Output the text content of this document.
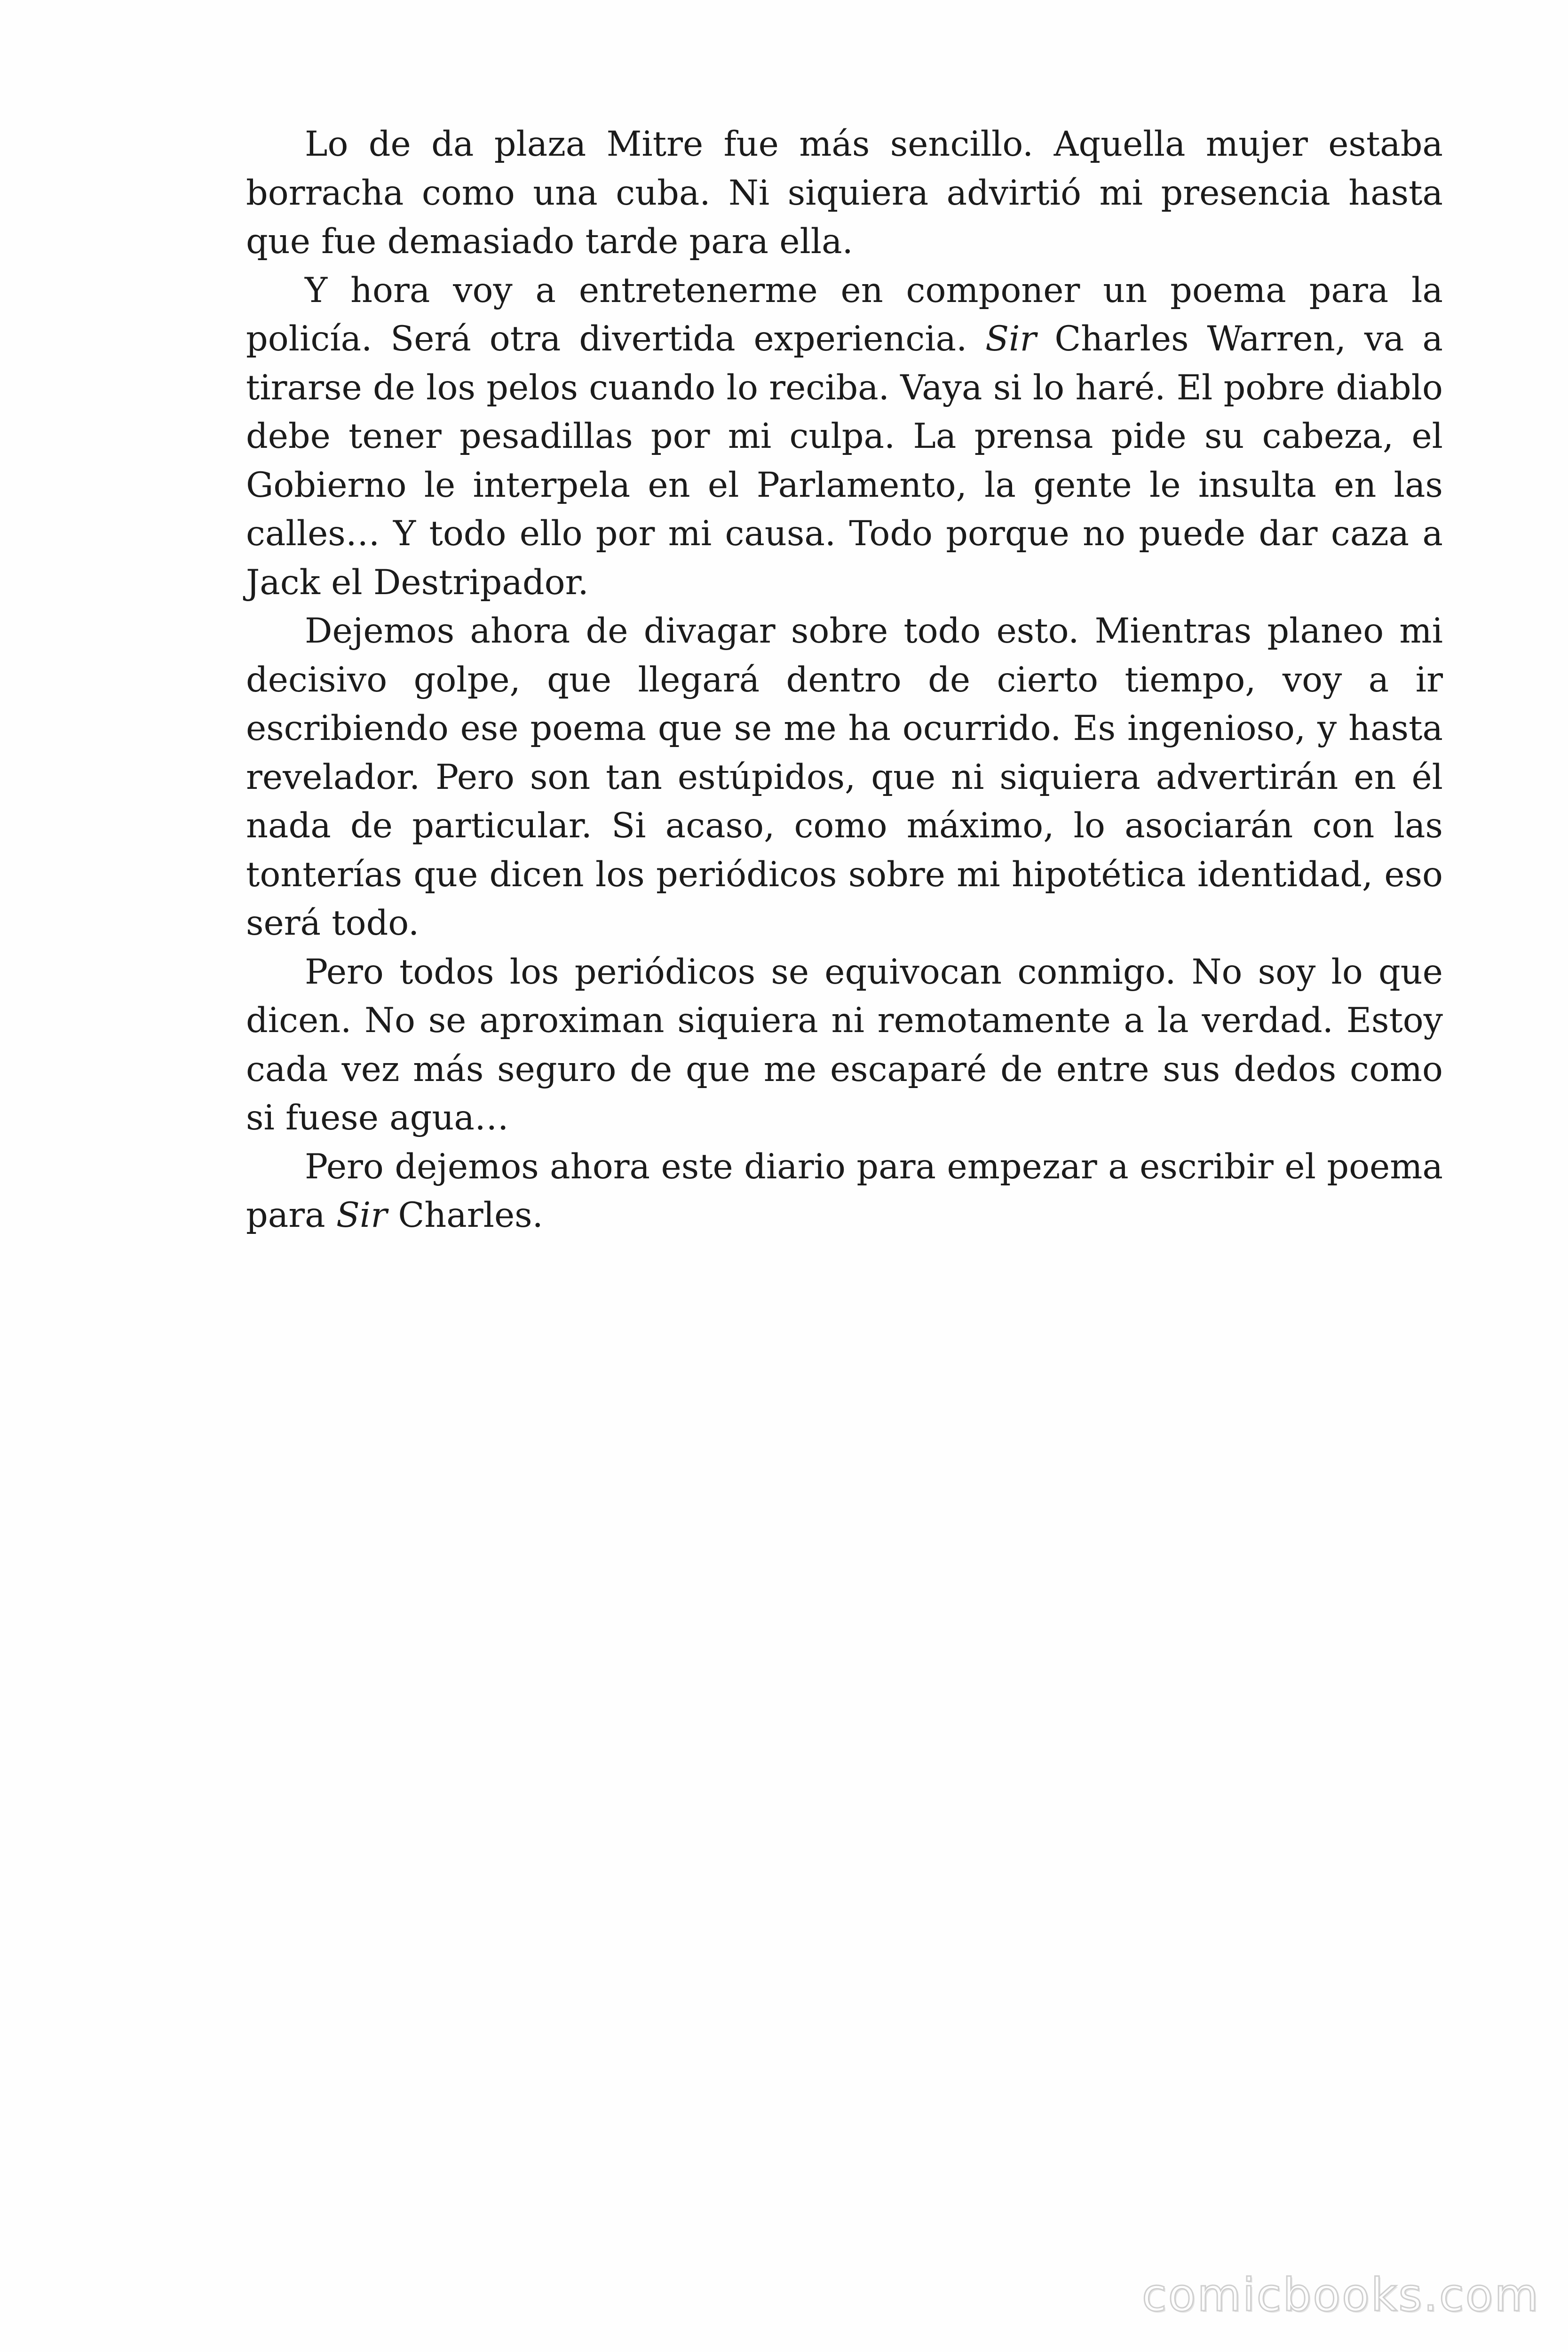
Lo de da plaza Mitre fue más sencillo. Aquella mujer estaba borracha como una cuba. Ni siquiera advirtió mi presencia hasta que fue demasiado tarde para ella.

Y hora voy a entretenerme en componer un poema para la policía. Será otra divertida experiencia. Sir Charles Warren, va a tirarse de los pelos cuando lo reciba. Vaya si lo haré. El pobre diablo debe tener pesadillas por mi culpa. La prensa pide su cabeza, el Gobierno le interpela en el Parlamento, la gente le insulta en las calles… Y todo ello por mi causa. Todo porque no puede dar caza a Jack el Destripador.

Dejemos ahora de divagar sobre todo esto. Mientras planeo mi decisivo golpe, que llegará dentro de cierto tiempo, voy a ir escribiendo ese poema que se me ha ocurrido. Es ingenioso, y hasta revelador. Pero son tan estúpidos, que ni siquiera advertirán en él nada de particular. Si acaso, como máximo, lo asociarán con las tonterías que dicen los periódicos sobre mi hipotética identidad, eso será todo.

Pero todos los periódicos se equivocan conmigo. No soy lo que dicen. No se aproximan siquiera ni remotamente a la verdad. Estoy cada vez más seguro de que me escaparé de entre sus dedos como si fuese agua…

Pero dejemos ahora este diario para empezar a escribir el poema para Sir Charles.

comicbooks.com
